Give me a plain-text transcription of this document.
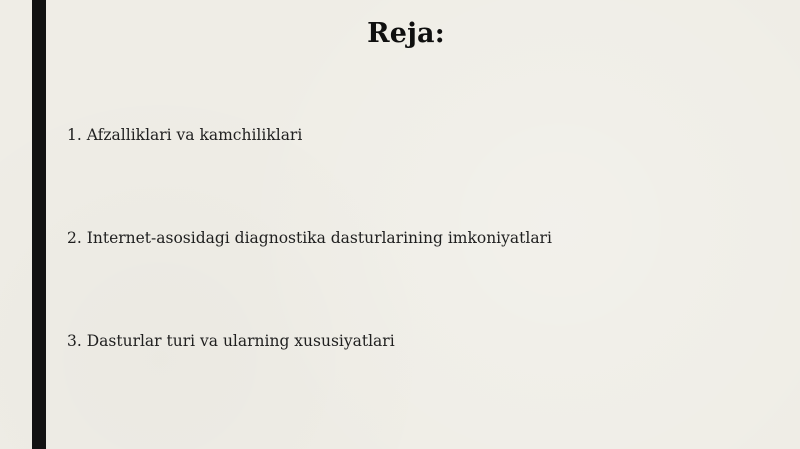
Reja:
1. Afzalliklari va kamchiliklari
2. Internet-asosidagi diagnostika dasturlarining imkoniyatlari
3. Dasturlar turi va ularning xususiyatlari
